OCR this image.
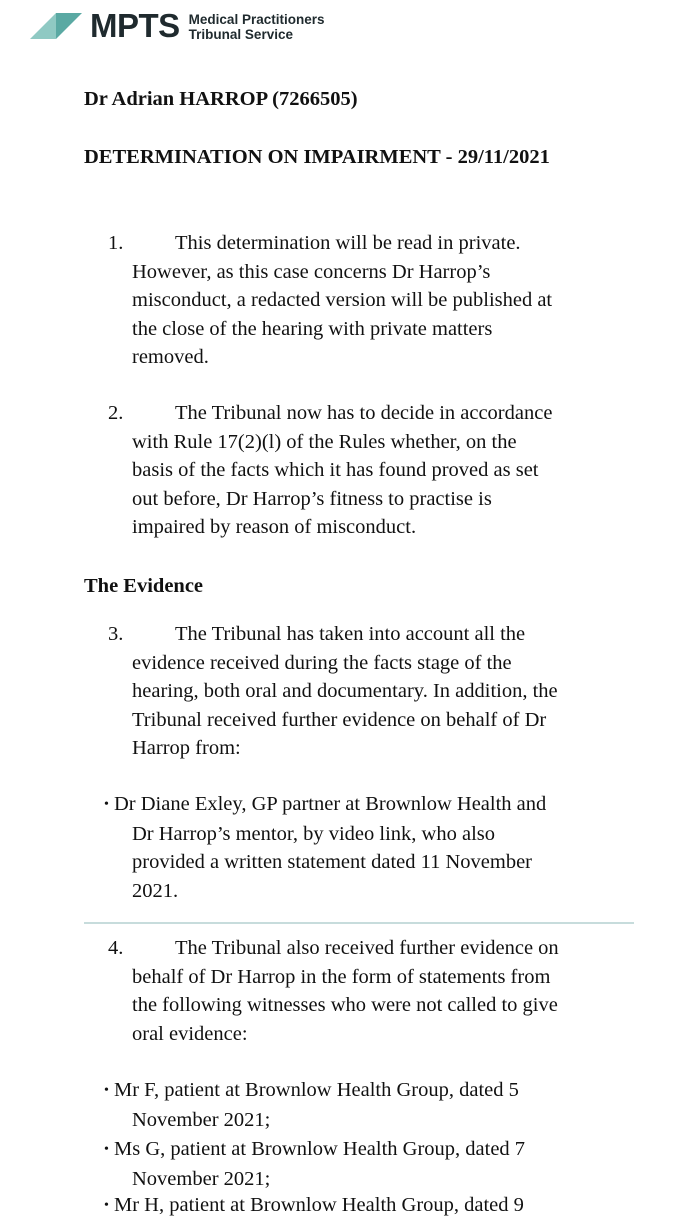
MPTS Medical Practitioners
Tribunal Service
Dr Adrian HARROP (7266505)
DETERMINATION ON IMPAIRMENT - 29/11/2021
1.	This determination will be read in private.
However, as this case concerns Dr Harrop’s
misconduct, a redacted version will be published at
the close of the hearing with private matters
removed.
2.	The Tribunal now has to decide in accordance
with Rule 17(2)(l) of the Rules whether, on the
basis of the facts which it has found proved as set
out before, Dr Harrop’s fitness to practise is
impaired by reason of misconduct.
The Evidence
3.	The Tribunal has taken into account all the
evidence received during the facts stage of the
hearing, both oral and documentary. In addition, the
Tribunal received further evidence on behalf of Dr
Harrop from:
• Dr Diane Exley, GP partner at Brownlow Health and
Dr Harrop’s mentor, by video link, who also
provided a written statement dated 11 November
2021.
4.	The Tribunal also received further evidence on
behalf of Dr Harrop in the form of statements from
the following witnesses who were not called to give
oral evidence:
• Mr F, patient at Brownlow Health Group, dated 5
November 2021;
• Ms G, patient at Brownlow Health Group, dated 7
November 2021;
• Mr H, patient at Brownlow Health Group, dated 9
